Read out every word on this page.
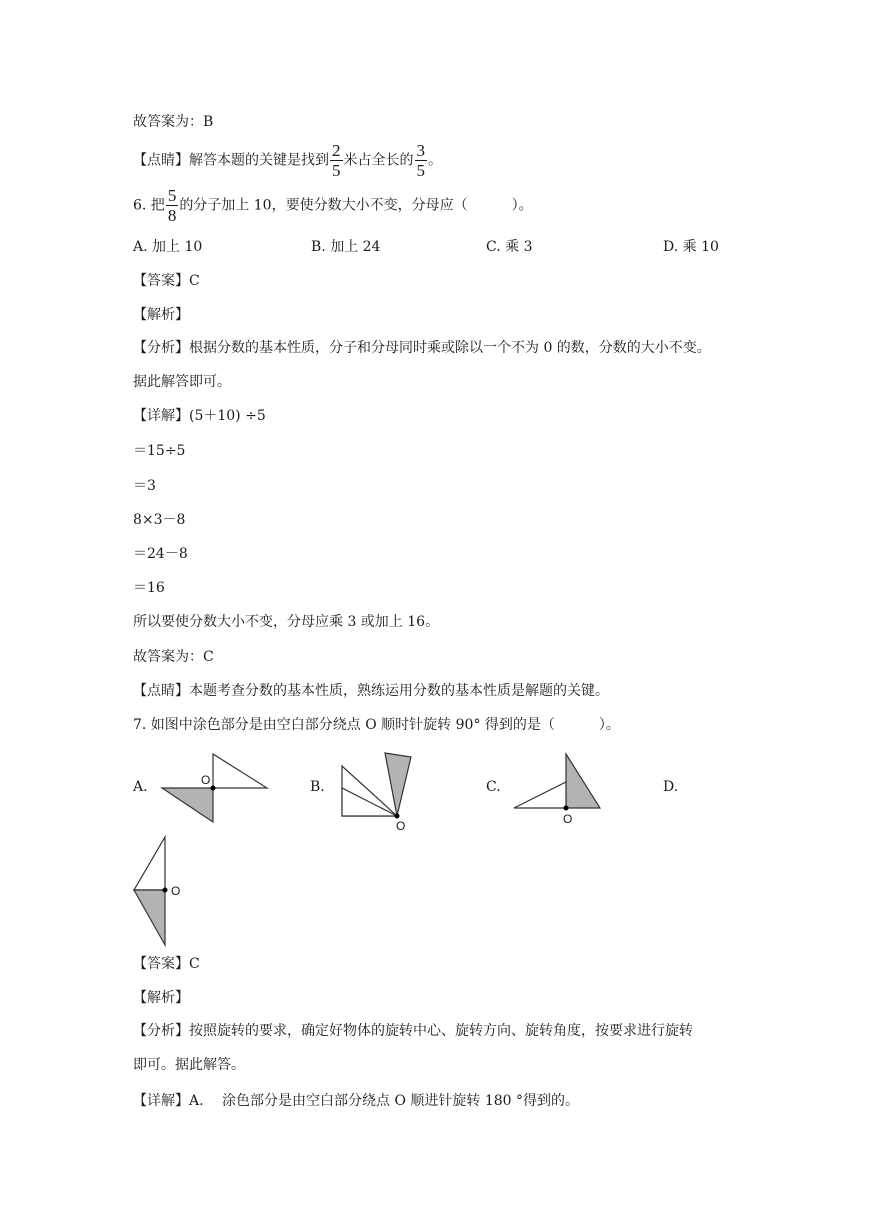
故答案为：B
【点睛】解答本题的关键是找到 $\frac{2}{5}$ 米占全长的 $\frac{3}{5}$ 。
6. 把 $\frac{5}{8}$ 的分子加上 10，要使分数大小不变，分母应（	）。
A. 加上 10	B. 加上 24	C. 乘 3	D. 乘 10
【答案】C
【解析】
【分析】根据分数的基本性质，分子和分母同时乘或除以一个不为 0 的数，分数的大小不变。
据此解答即可。
【详解】(5＋10) ÷5
＝15÷5
＝3
8×3－8
＝24－8
＝16
所以要使分数大小不变，分母应乘 3 或加上 16。
故答案为：C
【点睛】本题考查分数的基本性质，熟练运用分数的基本性质是解题的关键。
7. 如图中涂色部分是由空白部分绕点 O 顺时针旋转 90° 得到的是（	）。
A.	B.	C.	D.
O
O	O
O
【答案】C
【解析】
【分析】按照旋转的要求，确定好物体的旋转中心、旋转方向、旋转角度，按要求进行旋转
即可。据此解答。
【详解】A.　 涂色部分是由空白部分绕点 O 顺进针旋转 180 °得到的。
